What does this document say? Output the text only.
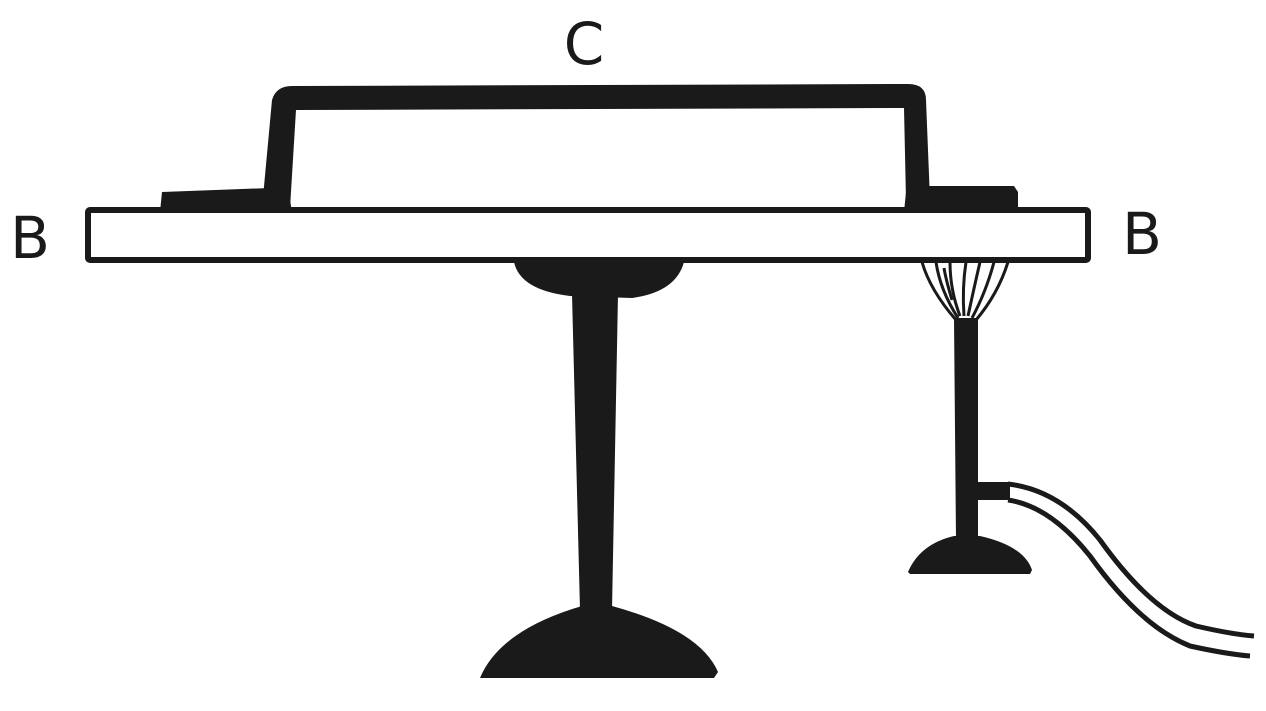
C
B	B
